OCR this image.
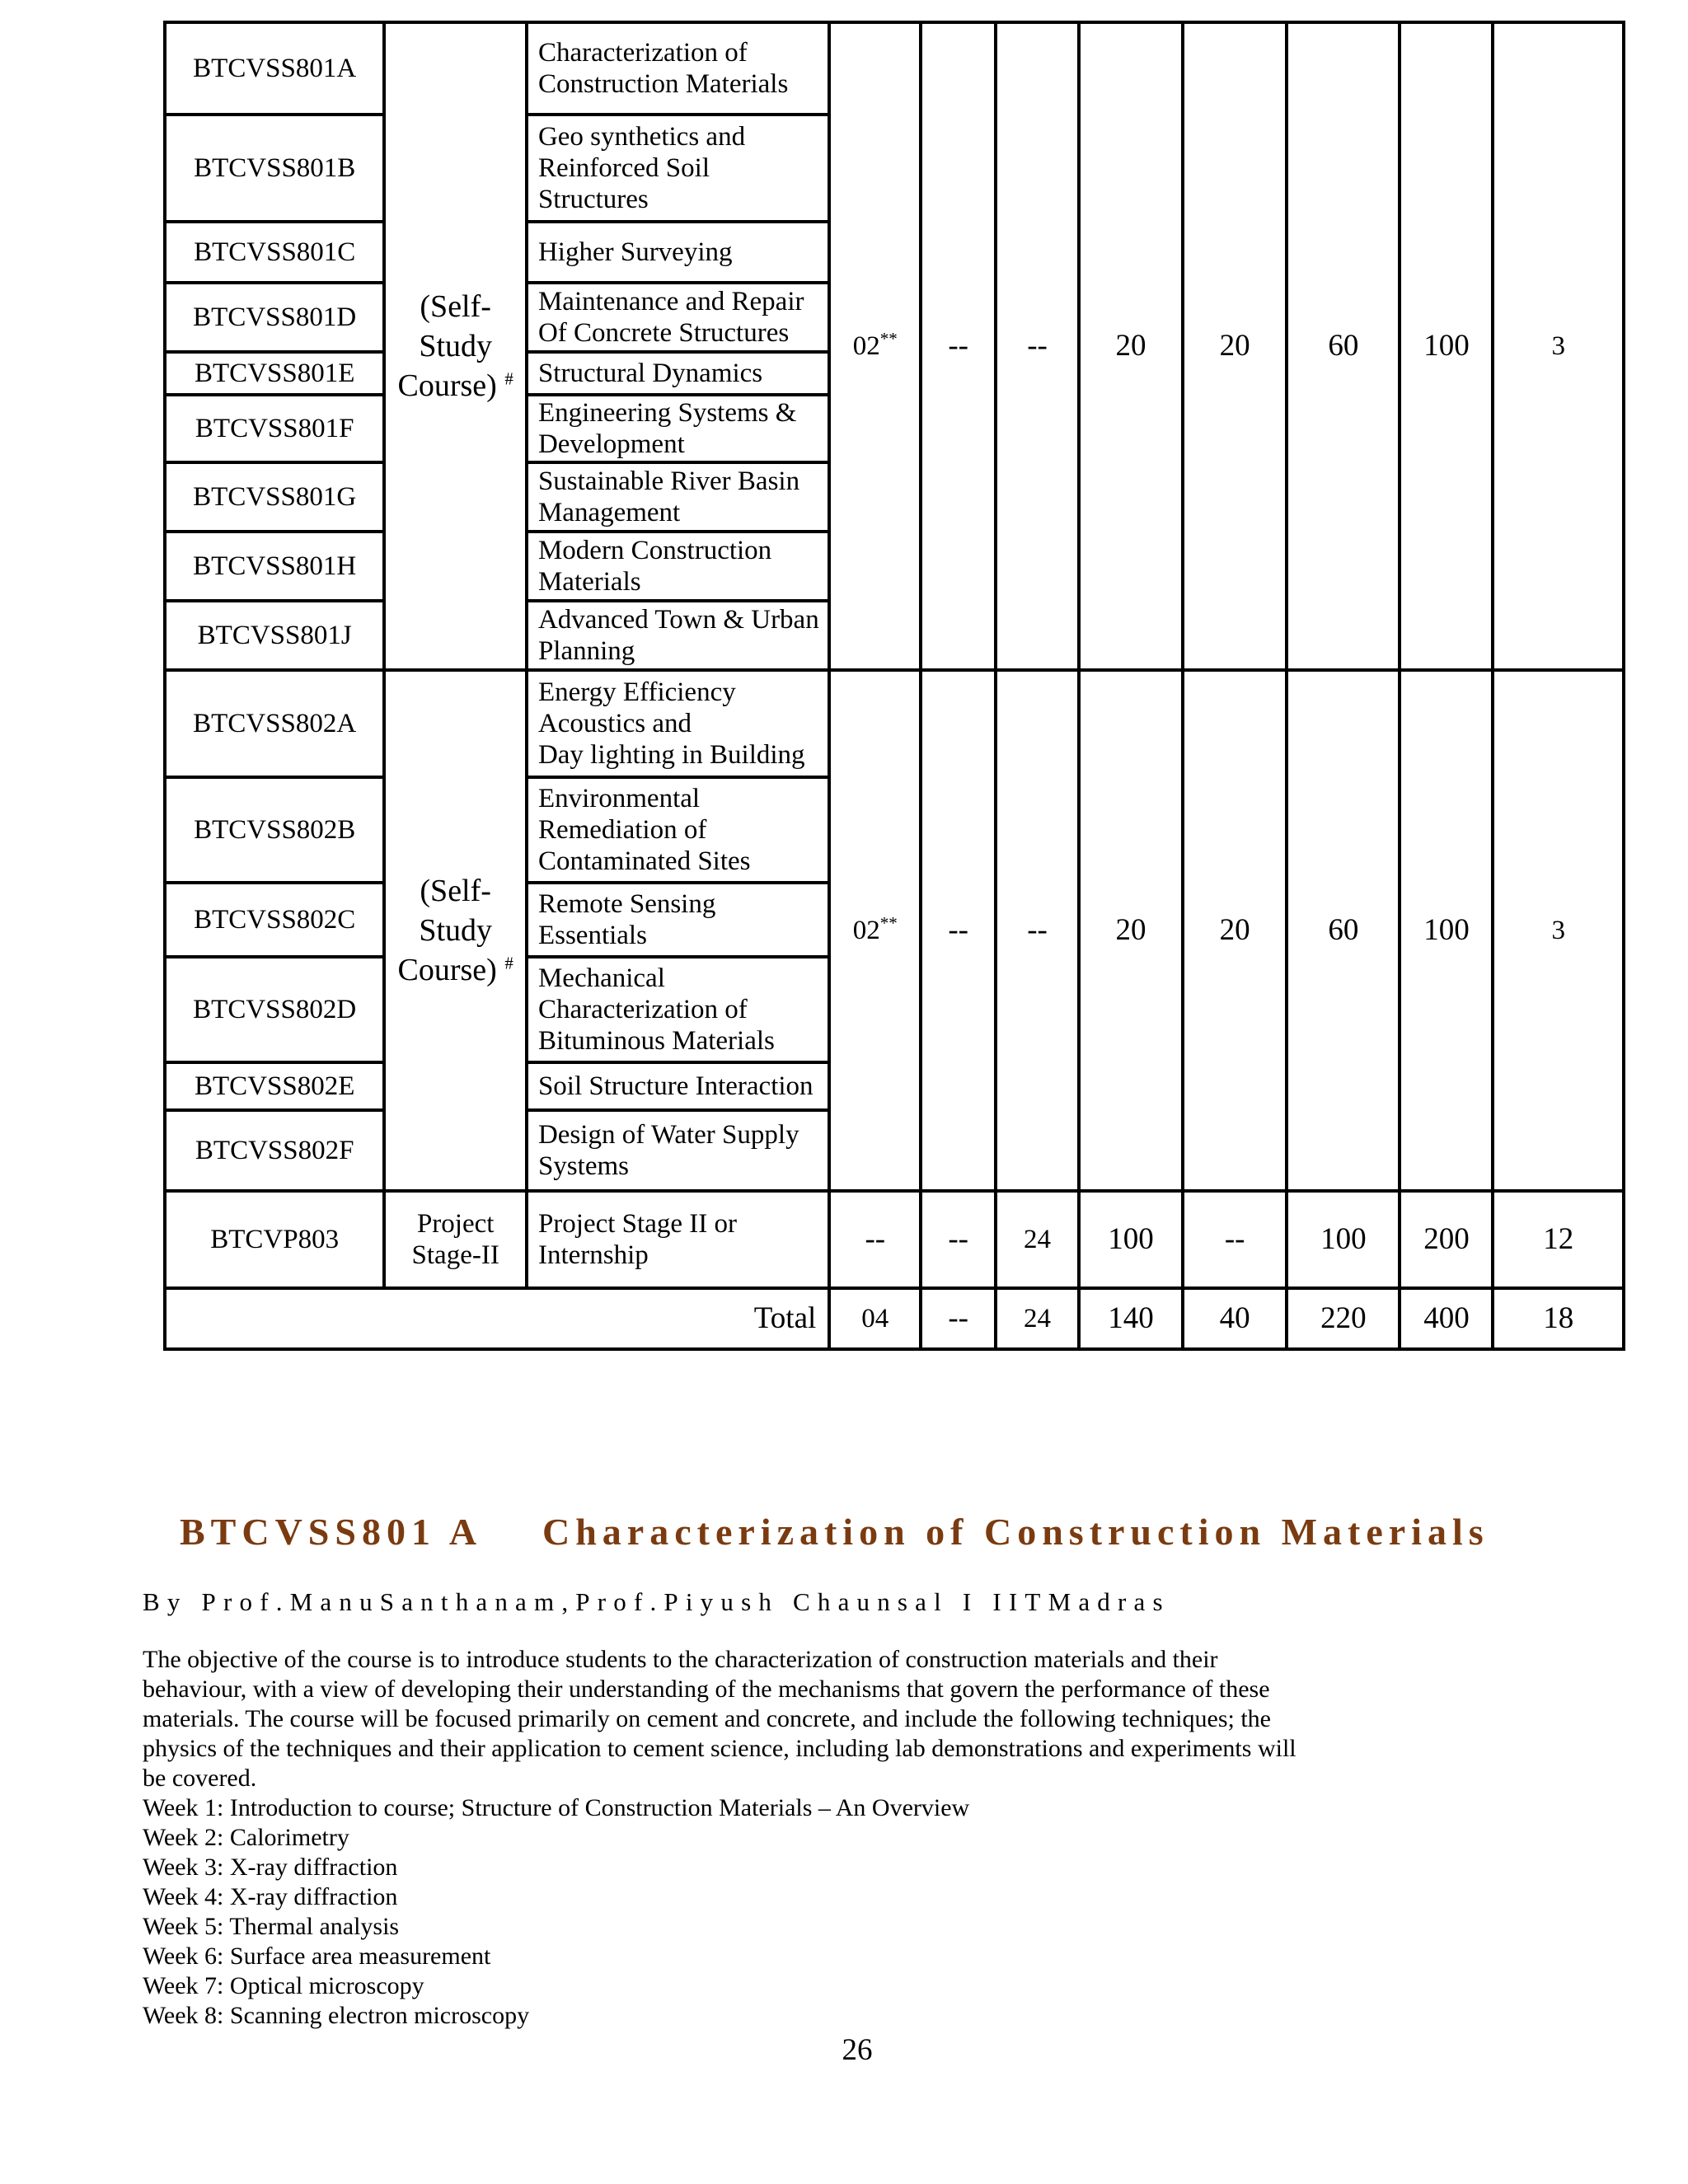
BTCVSS801A	(Self-
Study
Course) #	Characterization of
Construction Materials	02**	--	--	20	20	60	100	3
BTCVSS801B		Geo synthetics and
Reinforced Soil
Structures								
BTCVSS801C		Higher Surveying								
BTCVSS801D		Maintenance and Repair
Of Concrete Structures								
BTCVSS801E		Structural Dynamics								
BTCVSS801F		Engineering Systems &
Development								
BTCVSS801G		Sustainable River Basin
Management								
BTCVSS801H		Modern Construction
Materials								
BTCVSS801J		Advanced Town & Urban
Planning								
BTCVSS802A	(Self-
Study
Course) #	Energy Efficiency
Acoustics and
Day lighting in Building	02**	--	--	20	20	60	100	3
BTCVSS802B		Environmental
Remediation of
Contaminated Sites								
BTCVSS802C		Remote Sensing
Essentials								
BTCVSS802D		Mechanical
Characterization of
Bituminous Materials								
BTCVSS802E		Soil Structure Interaction								
BTCVSS802F		Design of Water Supply
Systems								
BTCVP803	Project
Stage-II	Project Stage II or
Internship	--	--	24	100	--	100	200	12
Total			04	--	24	140	40	220	400	18
BTCVSS801 A Characterization of Construction Materials
By Prof.ManuSanthanam,Prof.Piyush Chaunsal I IITMadras

The objective of the course is to introduce students to the characterization of construction materials and their

behaviour, with a view of developing their understanding of the mechanisms that govern the performance of these

materials. The course will be focused primarily on cement and concrete, and include the following techniques; the

physics of the techniques and their application to cement science, including lab demonstrations and experiments will

be covered.

Week 1: Introduction to course; Structure of Construction Materials – An Overview
Week 2: Calorimetry
Week 3: X-ray diffraction
Week 4: X-ray diffraction
Week 5: Thermal analysis
Week 6: Surface area measurement
Week 7: Optical microscopy
Week 8: Scanning electron microscopy
26
